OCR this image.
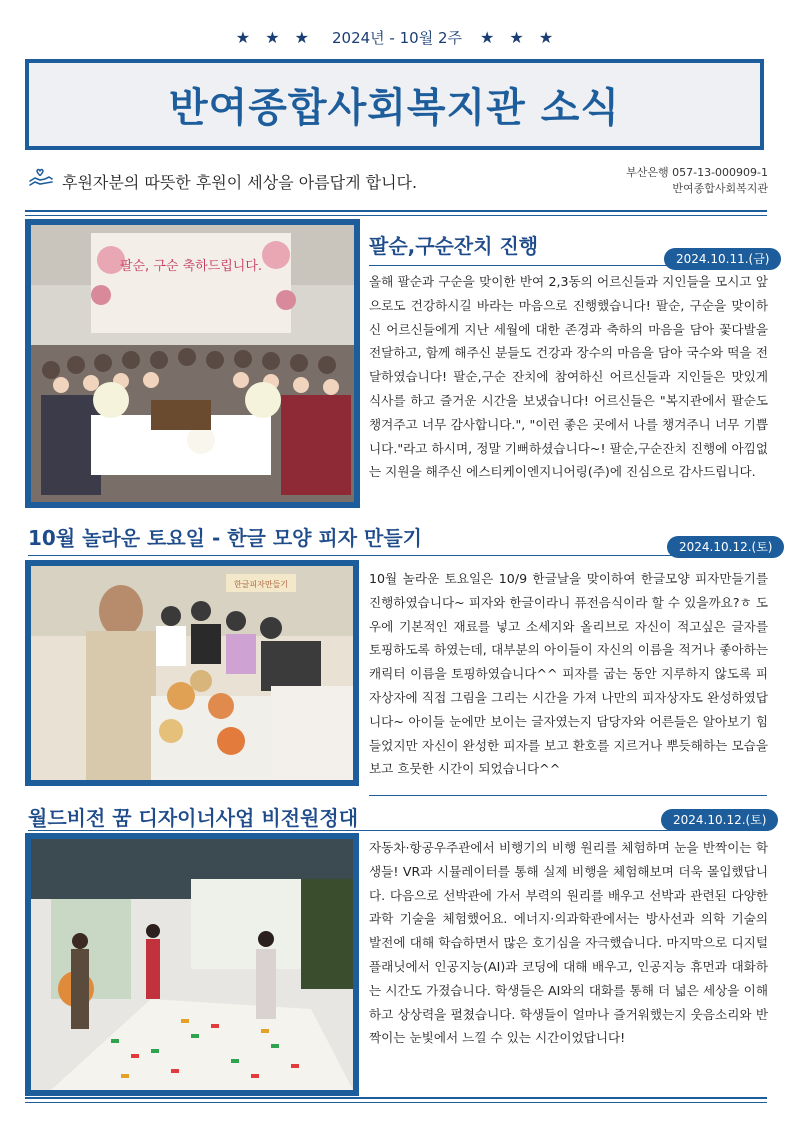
★ ★ ★ 2024년 - 10월 2주 ★ ★ ★
반여종합사회복지관 소식
후원자분의 따뜻한 후원이 세상을 아름답게 합니다.	부산은행 057-13-000909-1
반여종합사회복지관
팔순, 구순 축하드립니다.
팔순,구순잔치 진행
2024.10.11.(금)
올해 팔순과 구순을 맞이한 반여 2,3동의 어르신들과 지인들을 모시고 앞으로도 건강하시길 바라는 마음으로 진행했습니다! 팔순, 구순을 맞이하신 어르신들에게 지난 세월에 대한 존경과 축하의 마음을 담아 꽃다발을 전달하고, 함께 해주신 분들도 건강과 장수의 마음을 담아 국수와 떡을 전달하였습니다! 팔순,구순 잔치에 참여하신 어르신들과 지인들은 맛있게 식사를 하고 즐거운 시간을 보냈습니다! 어르신들은 "복지관에서 팔순도 챙겨주고 너무 감사합니다.", "이런 좋은 곳에서 나를 챙겨주니 너무 기쁩니다."라고 하시며, 정말 기뻐하셨습니다~! 팔순,구순잔치 진행에 아낌없는 지원을 해주신 에스티케이엔지니어링(주)에 진심으로 감사드립니다.
10월 놀라운 토요일 - 한글 모양 피자 만들기	2024.10.12.(토)
한글피자만들기	10월 놀라운 토요일은 10/9 한글날을 맞이하여 한글모양 피자만들기를 진행하였습니다~ 피자와 한글이라니 퓨전음식이라 할 수 있을까요?ㅎ 도우에 기본적인 재료를 넣고 소세지와 올리브로 자신이 적고싶은 글자를 토핑하도록 하였는데, 대부분의 아이들이 자신의 이름을 적거나 좋아하는 캐릭터 이름을 토핑하였습니다^^ 피자를 굽는 동안 지루하지 않도록 피자상자에 직접 그림을 그리는 시간을 가져 나만의 피자상자도 완성하였답니다~ 아이들 눈에만 보이는 글자였는지 담당자와 어른들은 알아보기 힘들었지만 자신이 완성한 피자를 보고 환호를 지르거나 뿌듯해하는 모습을 보고 흐뭇한 시간이 되었습니다^^
월드비전 꿈 디자이너사업 비전원정대	2024.10.12.(토)
자동차·항공우주관에서 비행기의 비행 원리를 체험하며 눈을 반짝이는 학생들! VR과 시뮬레이터를 통해 실제 비행을 체험해보며 더욱 몰입했답니다. 다음으로 선박관에 가서 부력의 원리를 배우고 선박과 관련된 다양한 과학 기술을 체험했어요. 에너지·의과학관에서는 방사선과 의학 기술의 발전에 대해 학습하면서 많은 호기심을 자극했습니다. 마지막으로 디지털 플래닛에서 인공지능(AI)과 코딩에 대해 배우고, 인공지능 휴먼과 대화하는 시간도 가졌습니다. 학생들은 AI와의 대화를 통해 더 넓은 세상을 이해하고 상상력을 펼쳤습니다. 학생들이 얼마나 즐거워했는지 웃음소리와 반짝이는 눈빛에서 느낄 수 있는 시간이었답니다!
